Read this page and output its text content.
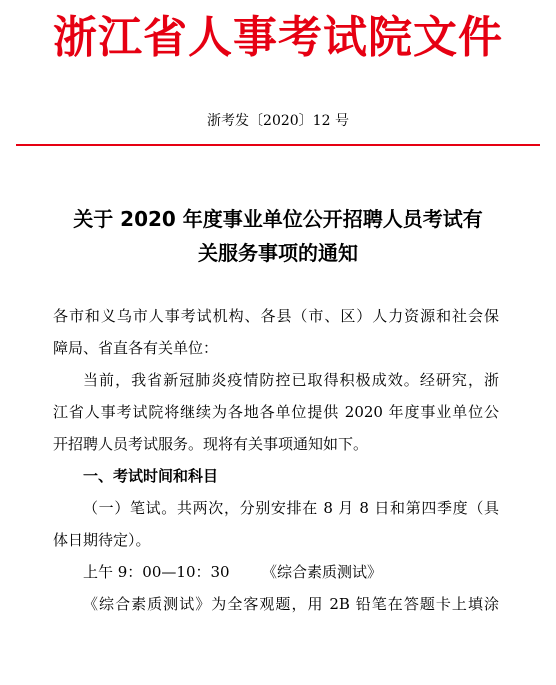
浙江省人事考试院文件
浙考发〔2020〕12 号
关于 2020 年度事业单位公开招聘人员考试有
关服务事项的通知
各市和义乌市人事考试机构、各县（市、区）人力资源和社会保
障局、省直各有关单位：
当前，我省新冠肺炎疫情防控已取得积极成效。经研究，浙
江省人事考试院将继续为各地各单位提供 2020 年度事业单位公
开招聘人员考试服务。现将有关事项通知如下。
一、考试时间和科目
（一）笔试。共两次，分别安排在 8 月 8 日和第四季度（具
体日期待定）。
上午 9：00—10：30 《综合素质测试》
《综合素质测试》为全客观题，用 2B 铅笔在答题卡上填涂
